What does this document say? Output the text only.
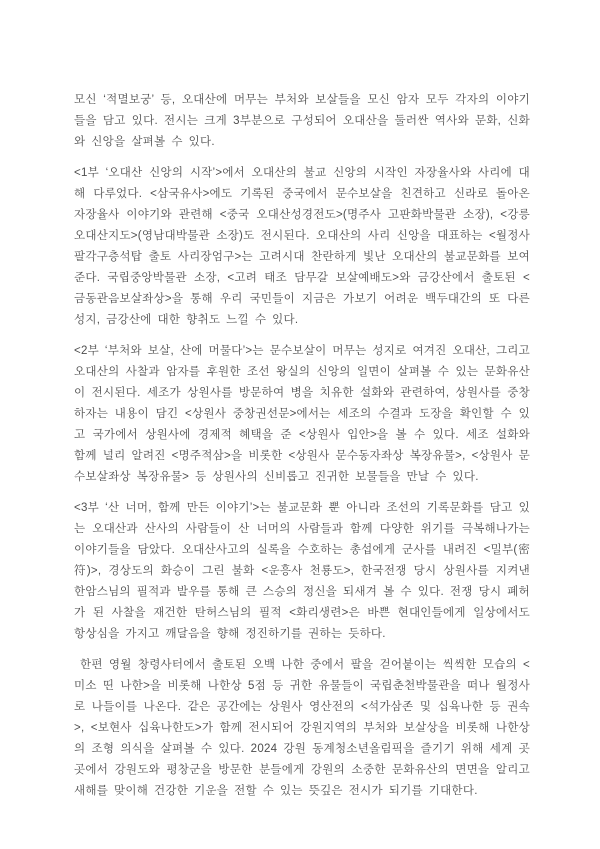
모신 ‘적멸보궁’ 등, 오대산에 머무는 부처와 보살들을 모신 암자 모두 각자의 이야기들을 담고 있다. 전시는 크게 3부분으로 구성되어 오대산을 둘러싼 역사와 문화, 신화와 신앙을 살펴볼 수 있다.

<1부 ‘오대산 신앙의 시작’>에서 오대산의 불교 신앙의 시작인 자장율사와 사리에 대해 다루었다. <삼국유사>에도 기록된 중국에서 문수보살을 친견하고 신라로 돌아온 자장율사 이야기와 관련해 <중국 오대산성경전도>(명주사 고판화박물관 소장), <강릉 오대산지도>(영남대박물관 소장)도 전시된다. 오대산의 사리 신앙을 대표하는 <월정사 팔각구층석탑 출토 사리장엄구>는 고려시대 찬란하게 빛난 오대산의 불교문화를 보여준다. 국립중앙박물관 소장, <고려 태조 담무갈 보살예배도>와 금강산에서 출토된 <금동관음보살좌상>을 통해 우리 국민들이 지금은 가보기 어려운 백두대간의 또 다른 성지, 금강산에 대한 향취도 느낄 수 있다.

<2부 ‘부처와 보살, 산에 머물다’>는 문수보살이 머무는 성지로 여겨진 오대산, 그리고 오대산의 사찰과 암자를 후원한 조선 왕실의 신앙의 일면이 살펴볼 수 있는 문화유산이 전시된다. 세조가 상원사를 방문하여 병을 치유한 설화와 관련하여, 상원사를 중창하자는 내용이 담긴 <상원사 중창권선문>에서는 세조의 수결과 도장을 확인할 수 있고 국가에서 상원사에 경제적 혜택을 준 <상원사 입안>을 볼 수 있다. 세조 설화와 함께 널리 알려진 <명주적삼>을 비롯한 <상원사 문수동자좌상 복장유물>, <상원사 문수보살좌상 복장유물> 등 상원사의 신비롭고 진귀한 보물들을 만날 수 있다.

<3부 ‘산 너머, 함께 만든 이야기’>는 불교문화 뿐 아니라 조선의 기록문화를 담고 있는 오대산과 산사의 사람들이 산 너머의 사람들과 함께 다양한 위기를 극복해나가는 이야기들을 담았다. 오대산사고의 실록을 수호하는 총섭에게 군사를 내려진 <밀부(密符)>, 경상도의 화승이 그린 불화 <운흥사 천룡도>, 한국전쟁 당시 상원사를 지켜낸 한암스님의 필적과 발우를 통해 큰 스승의 정신을 되새겨 볼 수 있다. 전쟁 당시 폐허가 된 사찰을 재건한 탄허스님의 필적 <화리생련>은 바쁜 현대인들에게 일상에서도 항상심을 가지고 깨달음을 향해 정진하기를 권하는 듯하다.

한편 영월 창령사터에서 출토된 오백 나한 중에서 팔을 걷어붙이는 씩씩한 모습의 <미소 띤 나한>을 비롯해 나한상 5점 등 귀한 유물들이 국립춘천박물관을 떠나 월정사로 나들이를 나온다. 같은 공간에는 상원사 영산전의 <석가삼존 및 십육나한 등 권속>, <보현사 십육나한도>가 함께 전시되어 강원지역의 부처와 보살상을 비롯해 나한상의 조형 의식을 살펴볼 수 있다. 2024 강원 동계청소년올림픽을 즐기기 위해 세계 곳곳에서 강원도와 평창군을 방문한 분들에게 강원의 소중한 문화유산의 면면을 알리고 새해를 맞이해 건강한 기운을 전할 수 있는 뜻깊은 전시가 되기를 기대한다.
